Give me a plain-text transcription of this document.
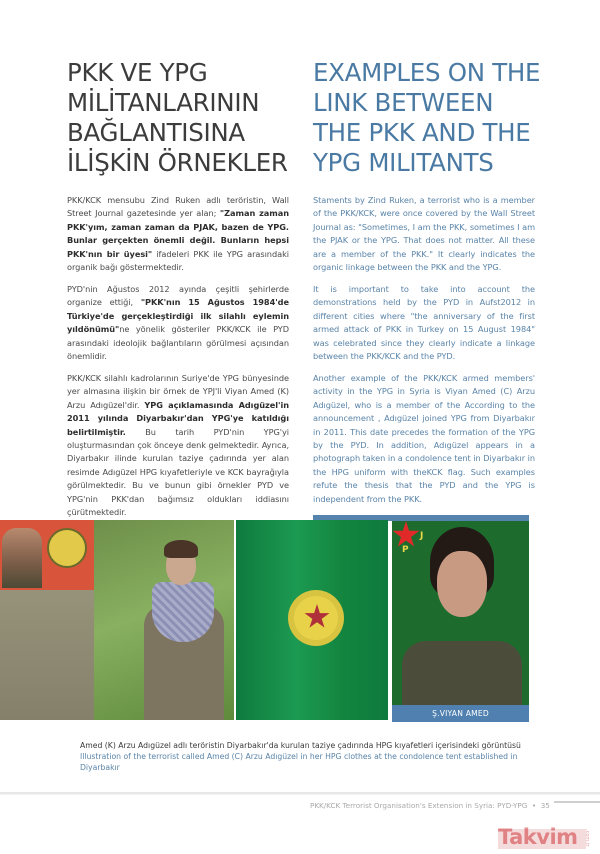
PKK VE YPG
MİLİTANLARININ
BAĞLANTISINA
İLİŞKİN ÖRNEKLER

PKK/KCK mensubu Zind Ruken adlı teröristin, Wall Street Journal gazetesinde yer alan; "Zaman zaman PKK'yım, zaman zaman da PJAK, bazen de YPG. Bunlar gerçekten önemli değil. Bunların hepsi PKK'nın bir üyesi" ifadeleri PKK ile YPG arasındaki organik bağı göstermektedir.

PYD'nin Ağustos 2012 ayında çeşitli şehirlerde organize ettiği, "PKK'nın 15 Ağustos 1984'de Türkiye'de gerçekleştirdiği ilk silahlı eylemin yıldönümü"ne yönelik gösteriler PKK/KCK ile PYD arasındaki ideolojik bağlantıların görülmesi açısından önemlidir.

PKK/KCK silahlı kadrolarının Suriye'de YPG bünyesinde yer almasına ilişkin bir örnek de YPJ'li Viyan Amed (K) Arzu Adıgüzel'dir. YPG açıklamasında Adıgüzel'in 2011 yılında Diyarbakır'dan YPG'ye katıldığı belirtilmiştir. Bu tarih PYD'nin YPG'yi oluşturmasından çok önceye denk gelmektedir. Ayrıca, Diyarbakır ilinde kurulan taziye çadırında yer alan resimde Adıgüzel HPG kıyafetleriyle ve KCK bayrağıyla görülmektedir. Bu ve bunun gibi örnekler PYD ve YPG'nin PKK'dan bağımsız oldukları iddiasını çürütmektedir.

EXAMPLES ON THE
LINK BETWEEN
THE PKK AND THE
YPG MILITANTS

Staments by Zind Ruken, a terrorist who is a member of the PKK/KCK, were once covered by the Wall Street Journal as: "Sometimes, I am the PKK, sometimes I am the PJAK or the YPG. That does not matter. All these are a member of the PKK." It clearly indicates the organic linkage between the PKK and the YPG.

It is important to take into account the demonstrations held by the PYD in Aufst2012 in different cities where "the anniversary of the first armed attack of PKK in Turkey on 15 August 1984" was celebrated since they clearly indicate a linkage between the PKK/KCK and the PYD.

Another example of the PKK/KCK armed members' activity in the YPG in Syria is Viyan Amed (C) Arzu Adıgüzel, who is a member of the According to the announcement , Adıgüzel joined YPG from Diyarbakır in 2011. This date precedes the formation of the YPG by the PYD. In addition, Adıgüzel appears in a photograph taken in a condolence tent in Diyarbakır in the HPG uniform with theKCK flag. Such examples refute the thesis that the PYD and the YPG is independent from the PKK.

P
J
Ş.VIYAN AMED
Amed (K) Arzu Adıgüzel adlı teröristin Diyarbakır'da kurulan taziye çadırında HPG kıyafetleri içerisindeki görüntüsü
Illustration of the terrorist called Amed (C) Arzu Adıgüzel in her HPG clothes at the condolence tent established in Diyarbakır
PKK/KCK Terrorist Organisation's Extension in Syria: PYD-YPG • 35
Takvim .com.tr
